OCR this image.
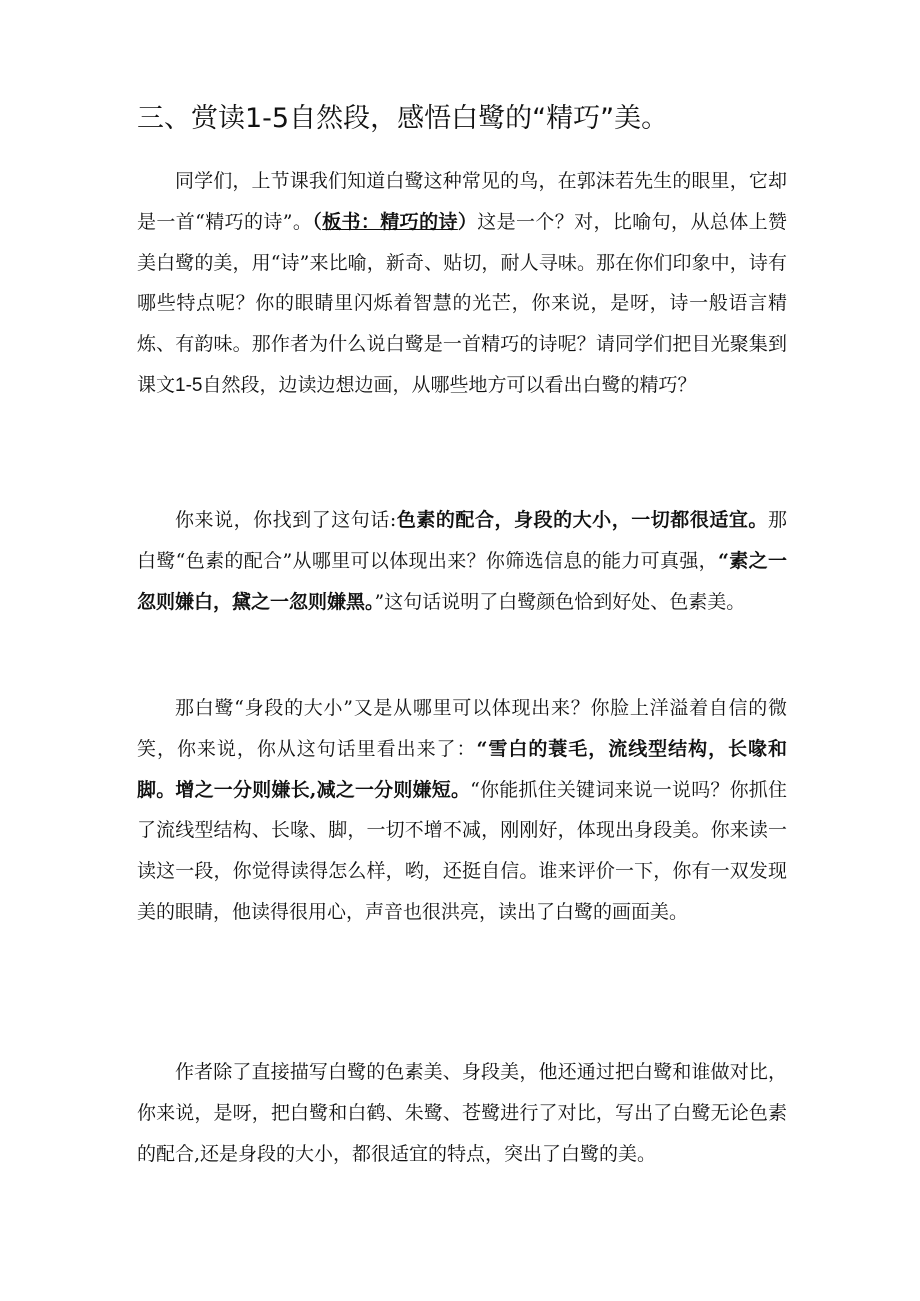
三、赏读1-5自然段，感悟白鹭的“精巧”美。

同学们，上节课我们知道白鹭这种常见的鸟，在郭沫若先生的眼里，它却是一首“精巧的诗”。（板书：精巧的诗）这是一个？对，比喻句，从总体上赞美白鹭的美，用“诗”来比喻，新奇、贴切，耐人寻味。那在你们印象中，诗有哪些特点呢？你的眼睛里闪烁着智慧的光芒，你来说，是呀，诗一般语言精炼、有韵味。那作者为什么说白鹭是一首精巧的诗呢？请同学们把目光聚集到课文1-5自然段，边读边想边画，从哪些地方可以看出白鹭的精巧？

你来说，你找到了这句话:色素的配合，身段的大小，一切都很适宜。那白鹭“色素的配合”从哪里可以体现出来？你筛选信息的能力可真强，“素之一忽则嫌白，黛之一忽则嫌黑。”这句话说明了白鹭颜色恰到好处、色素美。

那白鹭“身段的大小”又是从哪里可以体现出来？你脸上洋溢着自信的微笑，你来说，你从这句话里看出来了：“雪白的蓑毛，流线型结构，长喙和脚。增之一分则嫌长,减之一分则嫌短。“你能抓住关键词来说一说吗？你抓住了流线型结构、长喙、脚，一切不增不减，刚刚好，体现出身段美。你来读一读这一段，你觉得读得怎么样，哟，还挺自信。谁来评价一下，你有一双发现美的眼睛，他读得很用心，声音也很洪亮，读出了白鹭的画面美。

作者除了直接描写白鹭的色素美、身段美，他还通过把白鹭和谁做对比，你来说，是呀，把白鹭和白鹤、朱鹭、苍鹭进行了对比，写出了白鹭无论色素的配合,还是身段的大小，都很适宜的特点，突出了白鹭的美。
